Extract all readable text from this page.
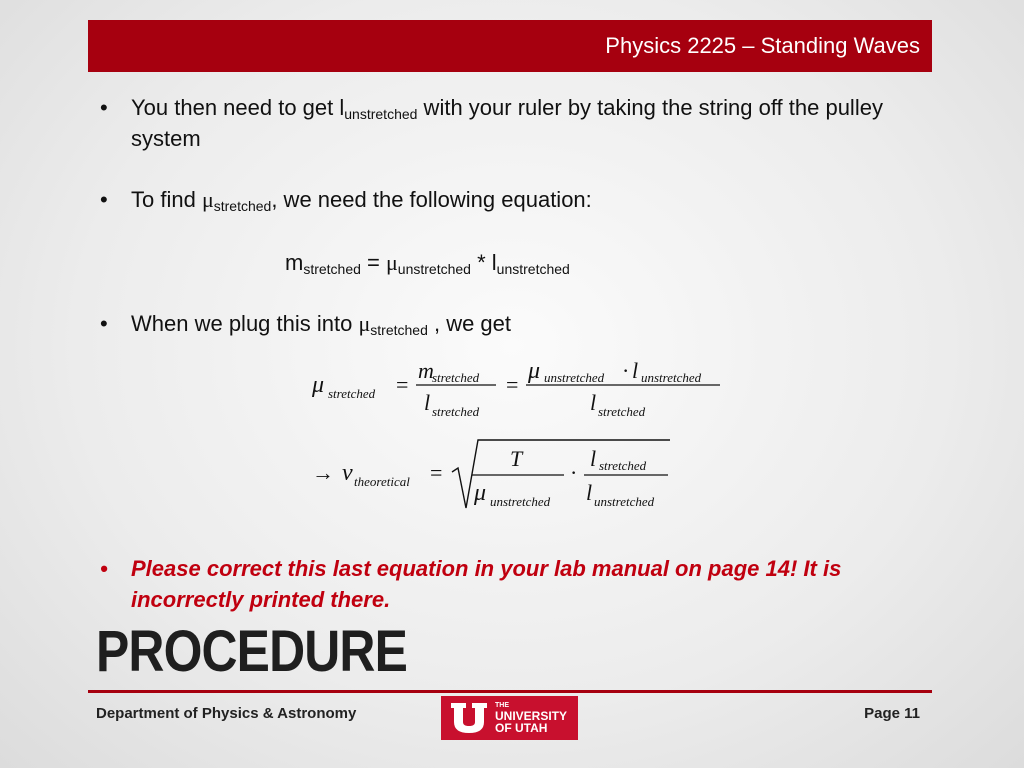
Physics 2225 – Standing Waves
• You then need to get $l_{unstretched}$ with your ruler by taking the string off the pulley system
• To find $\mu_{stretched}$, we need the following equation:
$m_{stretched} = \mu_{unstretched} * l_{unstretched}$
• When we plug this into $\mu_{stretched}$ , we get
μ stretched =
m
stretched
l stretched
=
μ unstretched · l unstretched
l stretched
→ v theoretical =
T
μ unstretched
·
l stretched
l unstretched
• Please correct this last equation in your lab manual on page 14! It is incorrectly printed there.
PROCEDURE
Department of Physics & Astronomy	THE
UNIVERSITY
OF UTAH
Page 11
